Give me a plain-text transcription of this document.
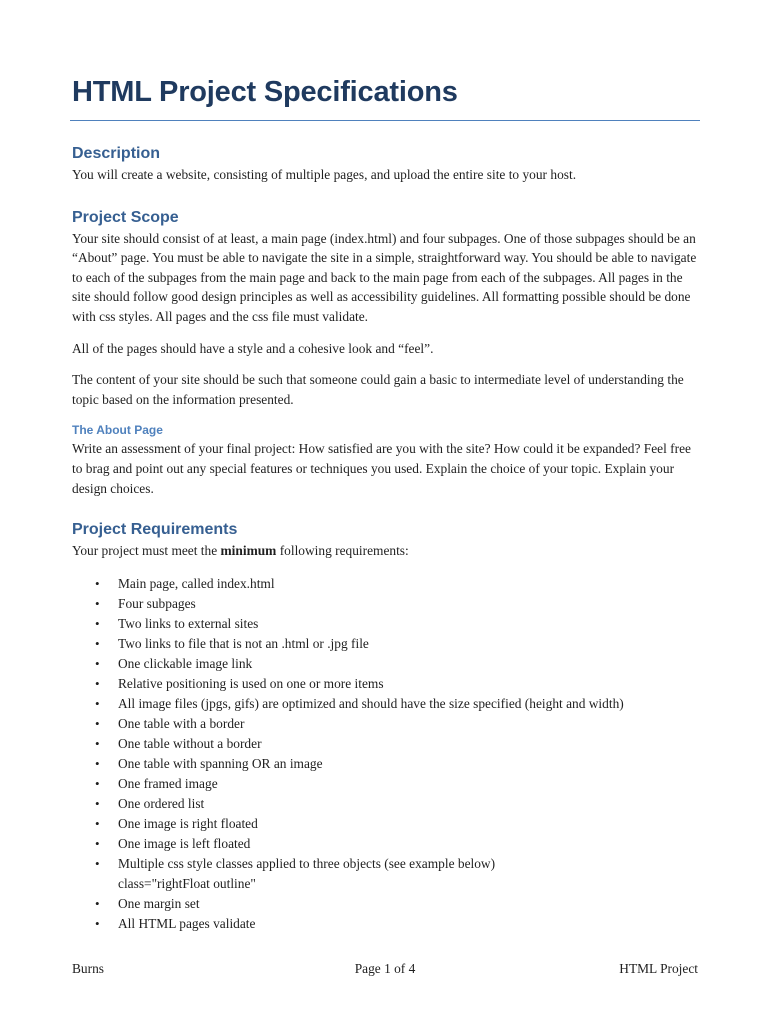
HTML Project Specifications
Description

You will create a website, consisting of multiple pages, and upload the entire site to your host.

Project Scope

Your site should consist of at least, a main page (index.html) and four subpages. One of those subpages should be an “About” page. You must be able to navigate the site in a simple, straightforward way. You should be able to navigate to each of the subpages from the main page and back to the main page from each of the subpages. All pages in the site should follow good design principles as well as accessibility guidelines. All formatting possible should be done with css styles. All pages and the css file must validate.

All of the pages should have a style and a cohesive look and “feel”.

The content of your site should be such that someone could gain a basic to intermediate level of understanding the topic based on the information presented.

The About Page

Write an assessment of your final project: How satisfied are you with the site? How could it be expanded? Feel free to brag and point out any special features or techniques you used. Explain the choice of your topic. Explain your design choices.

Project Requirements

Your project must meet the minimum following requirements:

• Main page, called index.html
• Four subpages
• Two links to external sites
• Two links to file that is not an .html or .jpg file
• One clickable image link
• Relative positioning is used on one or more items
• All image files (jpgs, gifs) are optimized and should have the size specified (height and width)
• One table with a border
• One table without a border
• One table with spanning OR an image
• One framed image
• One ordered list
• One image is right floated
• One image is left floated
• Multiple css style classes applied to three objects (see example below)
class="rightFloat outline"
• One margin set
• All HTML pages validate
Burns	Page 1 of 4	HTML Project
